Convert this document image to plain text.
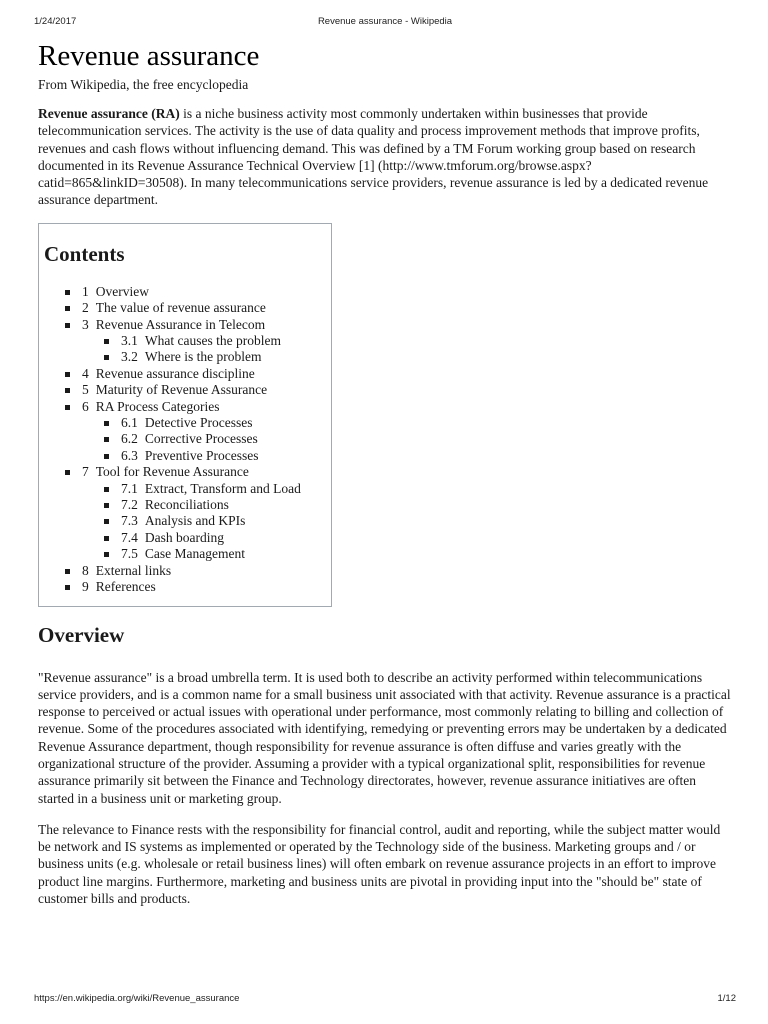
1/24/2017	Revenue assurance - Wikipedia
Revenue assurance
From Wikipedia, the free encyclopedia

Revenue assurance (RA) is a niche business activity most commonly undertaken within businesses that provide telecommunication services. The activity is the use of data quality and process improvement methods that improve profits, revenues and cash flows without influencing demand. This was defined by a TM Forum working group based on research documented in its Revenue Assurance Technical Overview [1] (http://www.tmforum.org/browse.aspx?catid=865&linkID=30508). In many telecommunications service providers, revenue assurance is led by a dedicated revenue assurance department.

Contents
1 Overview
2 The value of revenue assurance
3 Revenue Assurance in Telecom
3.1 What causes the problem
3.2 Where is the problem
4 Revenue assurance discipline
5 Maturity of Revenue Assurance
6 RA Process Categories
6.1 Detective Processes
6.2 Corrective Processes
6.3 Preventive Processes
7 Tool for Revenue Assurance
7.1 Extract, Transform and Load
7.2 Reconciliations
7.3 Analysis and KPIs
7.4 Dash boarding
7.5 Case Management
8 External links
9 References
Overview

"Revenue assurance" is a broad umbrella term. It is used both to describe an activity performed within telecommunications service providers, and is a common name for a small business unit associated with that activity. Revenue assurance is a practical response to perceived or actual issues with operational under performance, most commonly relating to billing and collection of revenue. Some of the procedures associated with identifying, remedying or preventing errors may be undertaken by a dedicated Revenue Assurance department, though responsibility for revenue assurance is often diffuse and varies greatly with the organizational structure of the provider. Assuming a provider with a typical organizational split, responsibilities for revenue assurance primarily sit between the Finance and Technology directorates, however, revenue assurance initiatives are often started in a business unit or marketing group.

The relevance to Finance rests with the responsibility for financial control, audit and reporting, while the subject matter would be network and IS systems as implemented or operated by the Technology side of the business. Marketing groups and / or business units (e.g. wholesale or retail business lines) will often embark on revenue assurance projects in an effort to improve product line margins. Furthermore, marketing and business units are pivotal in providing input into the "should be" state of customer bills and products.

https://en.wikipedia.org/wiki/Revenue_assurance	1/12
